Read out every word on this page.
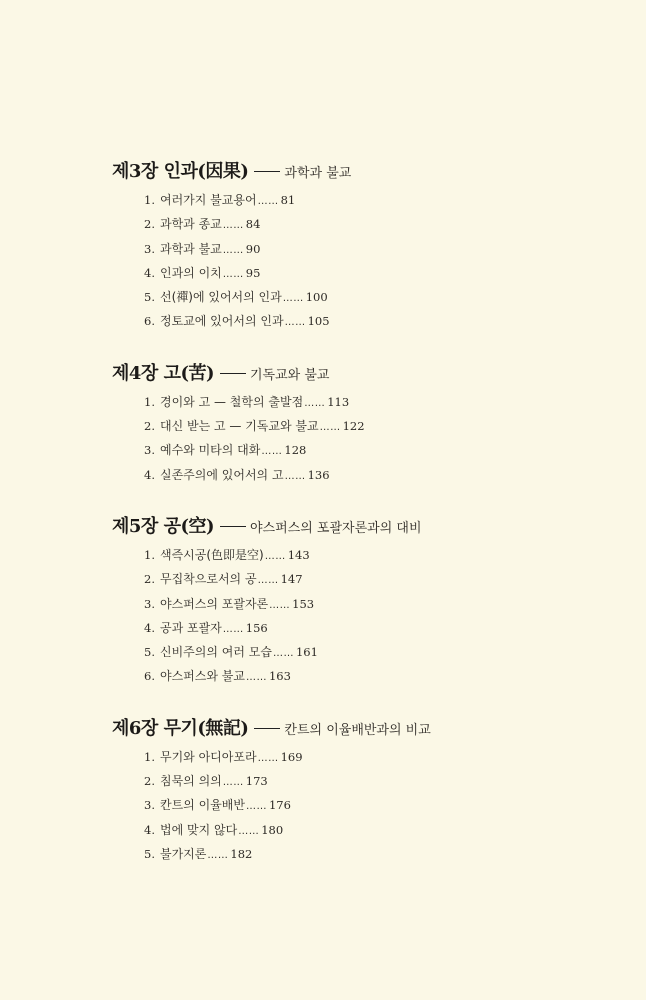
제3장 인과(因果)	과학과 불교
1. 여러가지 불교용어…… 81
2. 과학과 종교…… 84
3. 과학과 불교…… 90
4. 인과의 이치…… 95
5. 선(禪)에 있어서의 인과…… 100
6. 정토교에 있어서의 인과…… 105
제4장 고(苦)	기독교와 불교
1. 경이와 고 — 철학의 출발점…… 113
2. 대신 받는 고 — 기독교와 불교…… 122
3. 예수와 미타의 대화…… 128
4. 실존주의에 있어서의 고…… 136
제5장 공(空)	야스퍼스의 포괄자론과의 대비
1. 색즉시공(色即是空)…… 143
2. 무집착으로서의 공…… 147
3. 야스퍼스의 포괄자론…… 153
4. 공과 포괄자…… 156
5. 신비주의의 여러 모습…… 161
6. 야스퍼스와 불교…… 163
제6장 무기(無記)	칸트의 이율배반과의 비교
1. 무기와 아디아포라…… 169
2. 침묵의 의의…… 173
3. 칸트의 이율배반…… 176
4. 법에 맞지 않다…… 180
5. 불가지론…… 182
